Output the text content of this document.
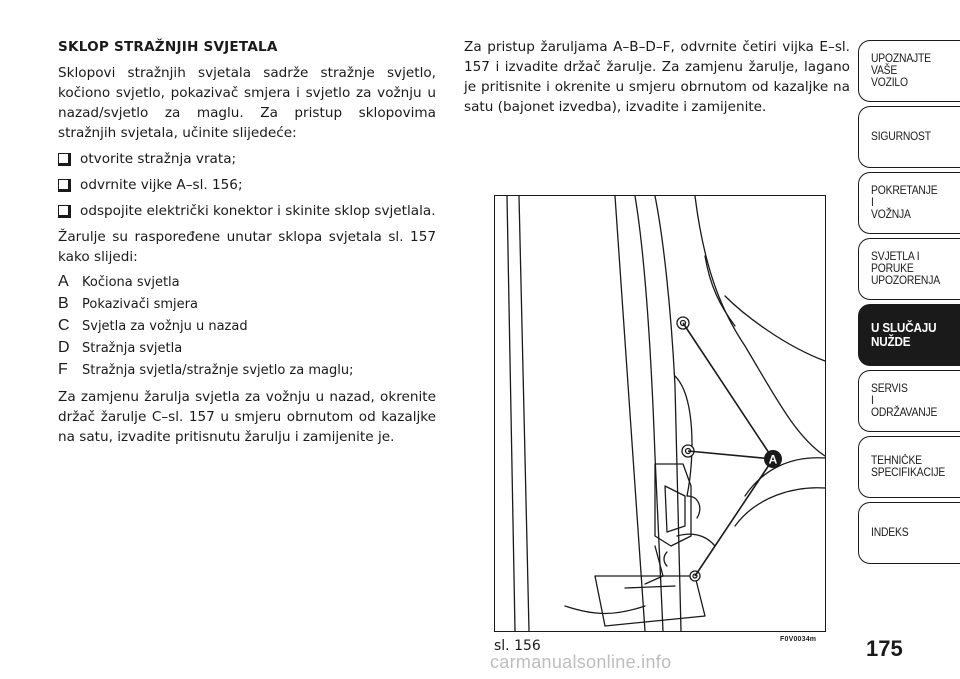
SKLOP STRAŽNJIH SVJETALA
Sklopovi stražnjih svjetala sadrže stražnje svjetlo, kočiono svjetlo, pokazivač smjera i svjetlo za vožnju u nazad/svjetlo za maglu. Za pristup sklopovima stražnjih svjetala, učinite slijedeće:
otvorite stražnja vrata;
odvrnite vijke A–sl. 156;
odspojite električki konektor i skinite sklop svjetlala.
Žarulje su raspoređene unutar sklopa svjetala sl. 157 kako slijedi:
A Kočiona svjetla
B Pokazivači smjera
C Svjetla za vožnju u nazad
D Stražnja svjetla
F Stražnja svjetla/stražnje svjetlo za maglu;
Za zamjenu žarulja svjetla za vožnju u nazad, okrenite držač žarulje C–sl. 157 u smjeru obrnutom od kazaljke na satu, izvadite pritisnutu žarulju i zamijenite je.
Za pristup žaruljama A–B–D–F, odvrnite četiri vijka E–sl. 157 i izvadite držač žarulje. Za zamjenu žarulje, lagano je pritisnite i okrenite u smjeru obrnutom od kazaljke na satu (bajonet izvedba), izvadite i zamijenite.
A
sl. 156	F0V0034m 175
UPOZNAJTE
VAŠE
VOZILO
SIGURNOST
POKRETANJE
I
VOŽNJA
SVJETLA I
PORUKE
UPOZORENJA
U SLUČAJU
NUŽDE
SERVIS
I
ODRŽAVANJE
TEHNIČKE
SPECIFIKACIJE
INDEKS
carmanualsonline.info
